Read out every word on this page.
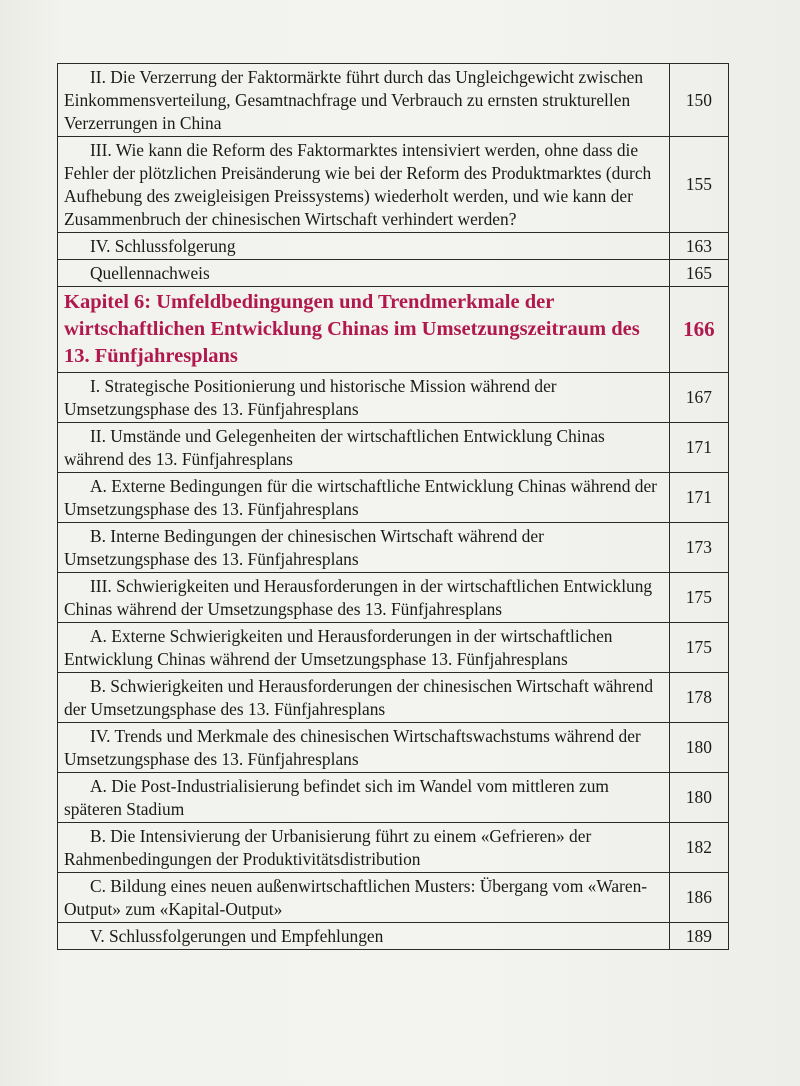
II. Die Verzerrung der Faktormärkte führt durch das Ungleichgewicht zwischen Einkommensverteilung, Gesamtnachfrage und Verbrauch zu ernsten strukturellen Verzerrungen in China	150
III. Wie kann die Reform des Faktormarktes intensiviert werden, ohne dass die Fehler der plötzlichen Preisänderung wie bei der Reform des Produktmarktes (durch Aufhebung des zweigleisigen Preissystems) wiederholt werden, und wie kann der Zusammenbruch der chinesischen Wirtschaft verhindert werden?	155
IV. Schlussfolgerung	163
Quellennachweis	165
Kapitel 6: Umfeldbedingungen und Trendmerkmale der wirtschaftlichen Entwicklung Chinas im Umsetzungszeitraum des 13. Fünfjahresplans	166
I. Strategische Positionierung und historische Mission während der Umsetzungsphase des 13. Fünfjahresplans	167
II. Umstände und Gelegenheiten der wirtschaftlichen Entwicklung Chinas während des 13. Fünfjahresplans	171
A. Externe Bedingungen für die wirtschaftliche Entwicklung Chinas während der Umsetzungsphase des 13. Fünfjahresplans	171
B. Interne Bedingungen der chinesischen Wirtschaft während der Umsetzungsphase des 13. Fünfjahresplans	173
III. Schwierigkeiten und Herausforderungen in der wirtschaftlichen Entwicklung Chinas während der Umsetzungsphase des 13. Fünfjahresplans	175
A. Externe Schwierigkeiten und Herausforderungen in der wirtschaftlichen Entwicklung Chinas während der Umsetzungsphase 13. Fünfjahresplans	175
B. Schwierigkeiten und Herausforderungen der chinesischen Wirtschaft während der Umsetzungsphase des 13. Fünfjahresplans	178
IV. Trends und Merkmale des chinesischen Wirtschaftswachstums während der Umsetzungsphase des 13. Fünfjahresplans	180
A. Die Post-Industrialisierung befindet sich im Wandel vom mittleren zum späteren Stadium	180
B. Die Intensivierung der Urbanisierung führt zu einem «Gefrieren» der Rahmenbedingungen der Produktivitätsdistribution	182
C. Bildung eines neuen außenwirtschaftlichen Musters: Übergang vom «Waren-Output» zum «Kapital-Output»	186
V. Schlussfolgerungen und Empfehlungen	189
